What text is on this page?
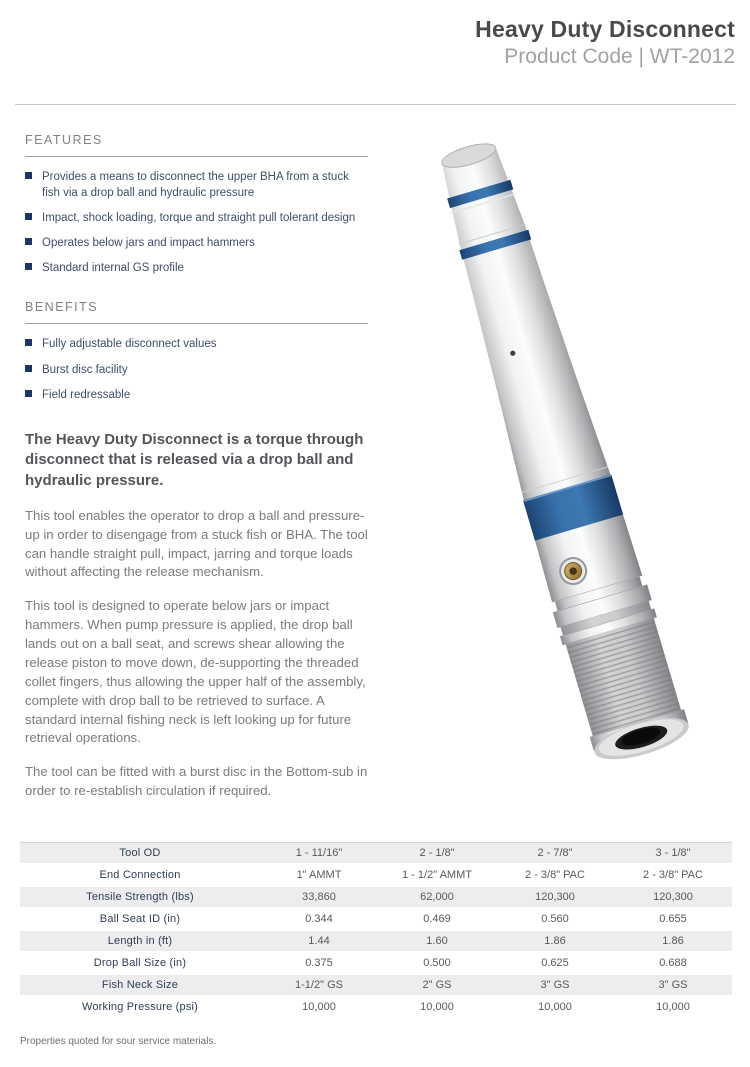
Heavy Duty Disconnect
Product Code | WT-2012
FEATURES
Provides a means to disconnect the upper BHA from a stuck fish via a drop ball and hydraulic pressure
Impact, shock loading, torque and straight pull tolerant design
Operates below jars and impact hammers
Standard internal GS profile
BENEFITS
Fully adjustable disconnect values
Burst disc facility
Field redressable
The Heavy Duty Disconnect is a torque through disconnect that is released via a drop ball and hydraulic pressure.
This tool enables the operator to drop a ball and pressure-up in order to disengage from a stuck fish or BHA. The tool can handle straight pull, impact, jarring and torque loads without affecting the release mechanism.
This tool is designed to operate below jars or impact hammers. When pump pressure is applied, the drop ball lands out on a ball seat, and screws shear allowing the release piston to move down, de-supporting the threaded collet fingers, thus allowing the upper half of the assembly, complete with drop ball to be retrieved to surface. A standard internal fishing neck is left looking up for future retrieval operations.
The tool can be fitted with a burst disc in the Bottom-sub in order to re-establish circulation if required.
Tool OD	1 - 11/16"	2 - 1/8"	2 - 7/8"	3 - 1/8"
End Connection	1" AMMT	1 - 1/2" AMMT	2 - 3/8" PAC	2 - 3/8" PAC
Tensile Strength (lbs)	33,860	62,000	120,300	120,300
Ball Seat ID (in)	0.344	0.469	0.560	0.655
Length in (ft)	1.44	1.60	1.86	1.86
Drop Ball Size (in)	0.375	0.500	0.625	0.688
Fish Neck Size	1-1/2" GS	2" GS	3" GS	3" GS
Working Pressure (psi)	10,000	10,000	10,000	10,000
Properties quoted for sour service materials.
